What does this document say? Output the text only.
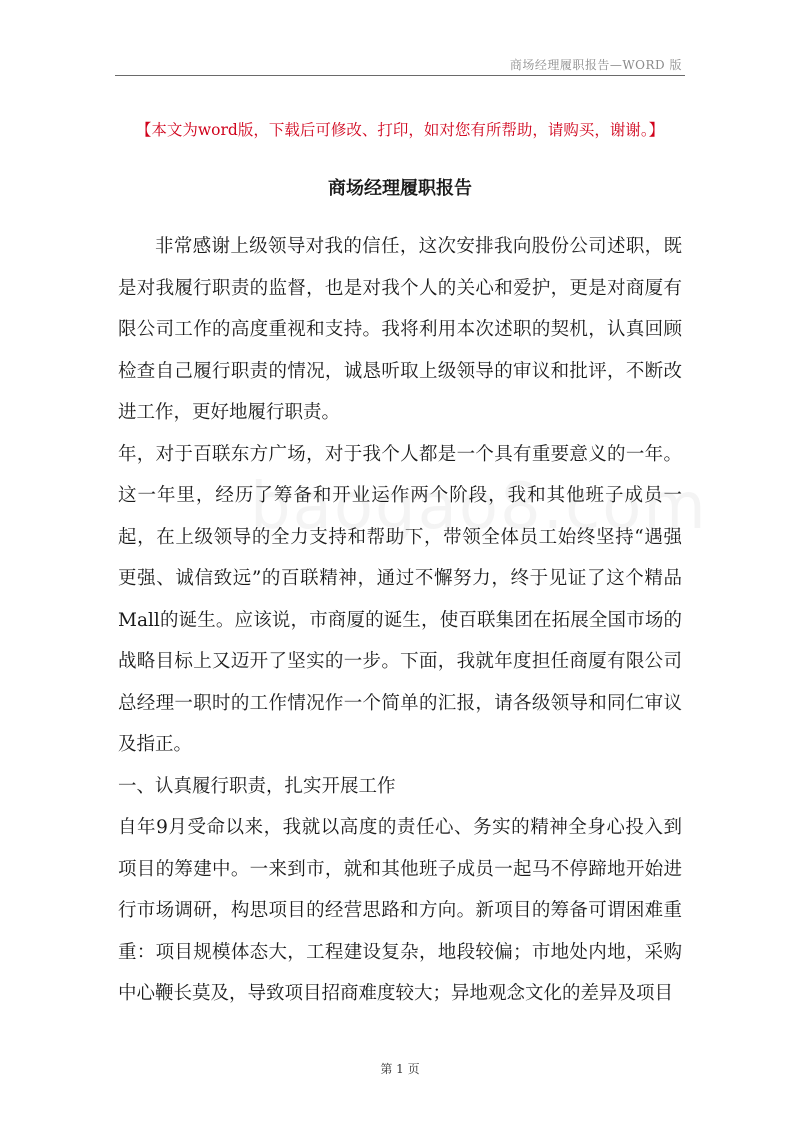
商场经理履职报告—WORD 版
【本文为word版，下载后可修改、打印，如对您有所帮助，请购买，谢谢。】
商场经理履职报告

非常感谢上级领导对我的信任，这次安排我向股份公司述职，既是对我履行职责的监督，也是对我个人的关心和爱护，更是对商厦有限公司工作的高度重视和支持。我将利用本次述职的契机，认真回顾检查自己履行职责的情况，诚恳听取上级领导的审议和批评，不断改进工作，更好地履行职责。

年，对于百联东方广场，对于我个人都是一个具有重要意义的一年。这一年里，经历了筹备和开业运作两个阶段，我和其他班子成员一起，在上级领导的全力支持和帮助下，带领全体员工始终坚持“遇强更强、诚信致远”的百联精神，通过不懈努力，终于见证了这个精品Mall的诞生。应该说，市商厦的诞生，使百联集团在拓展全国市场的战略目标上又迈开了坚实的一步。下面，我就年度担任商厦有限公司总经理一职时的工作情况作一个简单的汇报，请各级领导和同仁审议及指正。

一、认真履行职责，扎实开展工作

自年9月受命以来，我就以高度的责任心、务实的精神全身心投入到项目的筹建中。一来到市，就和其他班子成员一起马不停蹄地开始进行市场调研，构思项目的经营思路和方向。新项目的筹备可谓困难重重：项目规模体态大，工程建设复杂，地段较偏；市地处内地，采购中心鞭长莫及，导致项目招商难度较大；异地观念文化的差异及项目

第 1 页
